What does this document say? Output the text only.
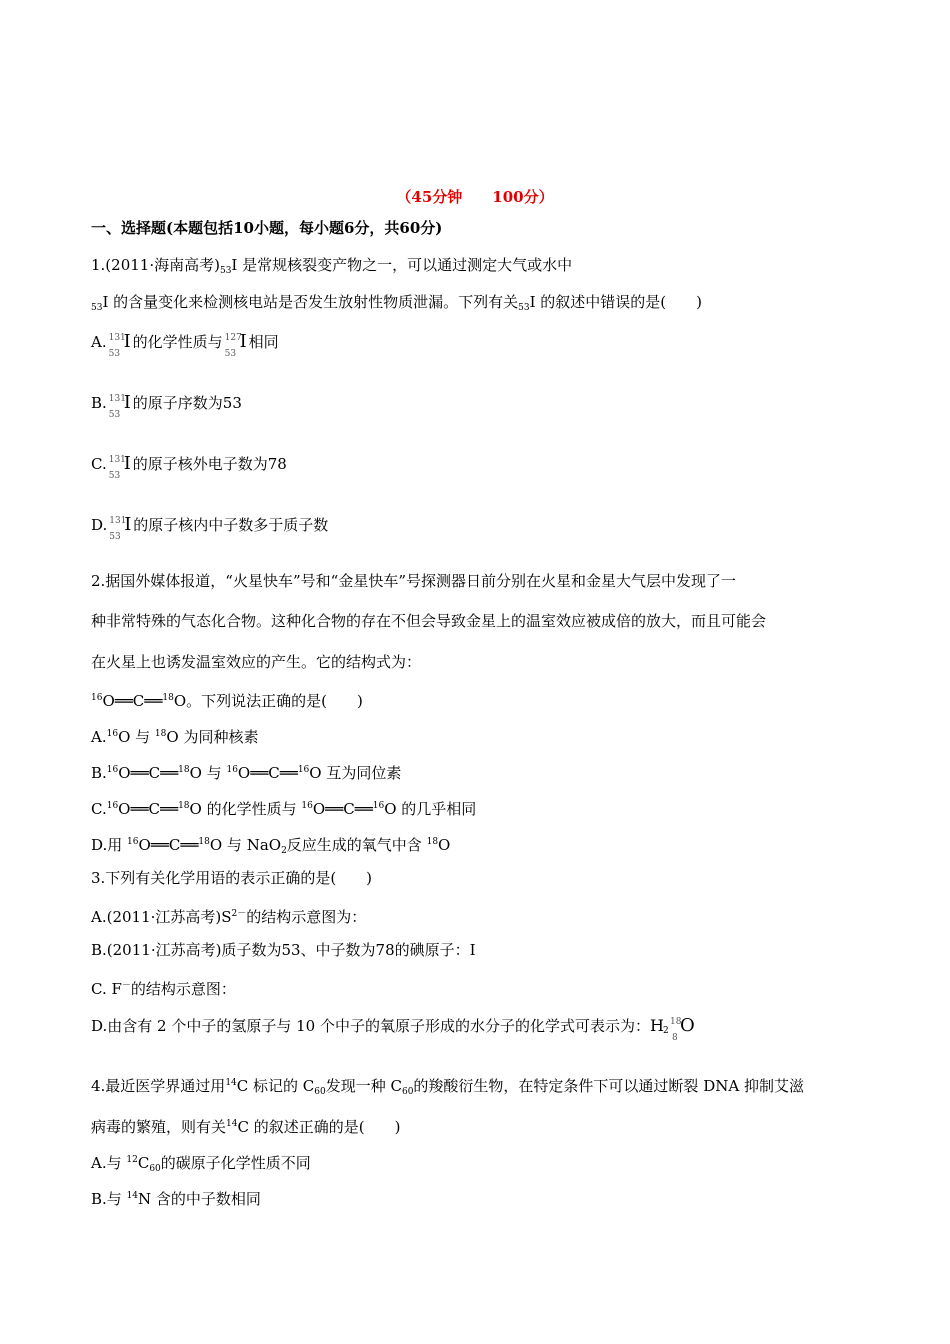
（45分钟　　100分）
一、选择题(本题包括10小题，每小题6分，共60分)
1.(2011·海南高考)$_{53}I$ 是常规核裂变产物之一，可以通过测定大气或水中
$_{53}$I 的含量变化来检测核电站是否发生放射性物质泄漏。下列有关$_{53}$I 的叙述中错误的是(　　)
A. 131
53
I 的化学性质与 127
53
I 相同
B. 131
53
I 的原子序数为53
C. 131
53
I 的原子核外电子数为78
D. 131
53
I 的原子核内中子数多于质子数
2.据国外媒体报道，“火星快车”号和“金星快车”号探测器日前分别在火星和金星大气层中发现了一
种非常特殊的气态化合物。这种化合物的存在不但会导致金星上的温室效应被成倍的放大，而且可能会
在火星上也诱发温室效应的产生。它的结构式为：
$^{16}$O══C══$^{18}$O。下列说法正确的是(　　)
A.$^{16}$O 与 $^{18}$O 为同种核素
B.$^{16}$O══C══$^{18}$O 与 $^{16}$O══C══$^{16}$O 互为同位素
C.$^{16}$O══C══$^{18}$O 的化学性质与 $^{16}$O══C══$^{16}$O 的几乎相同
D.用 $^{16}$O══C══$^{18}$O 与 NaO$_2$反应生成的氧气中含 $^{18}$O
3.下列有关化学用语的表示正确的是(　　)
A.(2011·江苏高考)$S^{2-}$的结构示意图为：
B.(2011·江苏高考)质子数为53、中子数为78的碘原子：I
C. F－的结构示意图：
D.由含有 2 个中子的氢原子与 10 个中子的氧原子形成的水分子的化学式可表示为： H 2
18
8
O
4.最近医学界通过用$^{14}$C 标记的 $C_{60}$发现一种 $C_{60}$的羧酸衍生物，在特定条件下可以通过断裂 DNA 抑制艾滋
病毒的繁殖，则有关$^{14}$C 的叙述正确的是(　　)
A.与 $^{12}C_{60}$的碳原子化学性质不同
B.与 $^{14}$N 含的中子数相同
